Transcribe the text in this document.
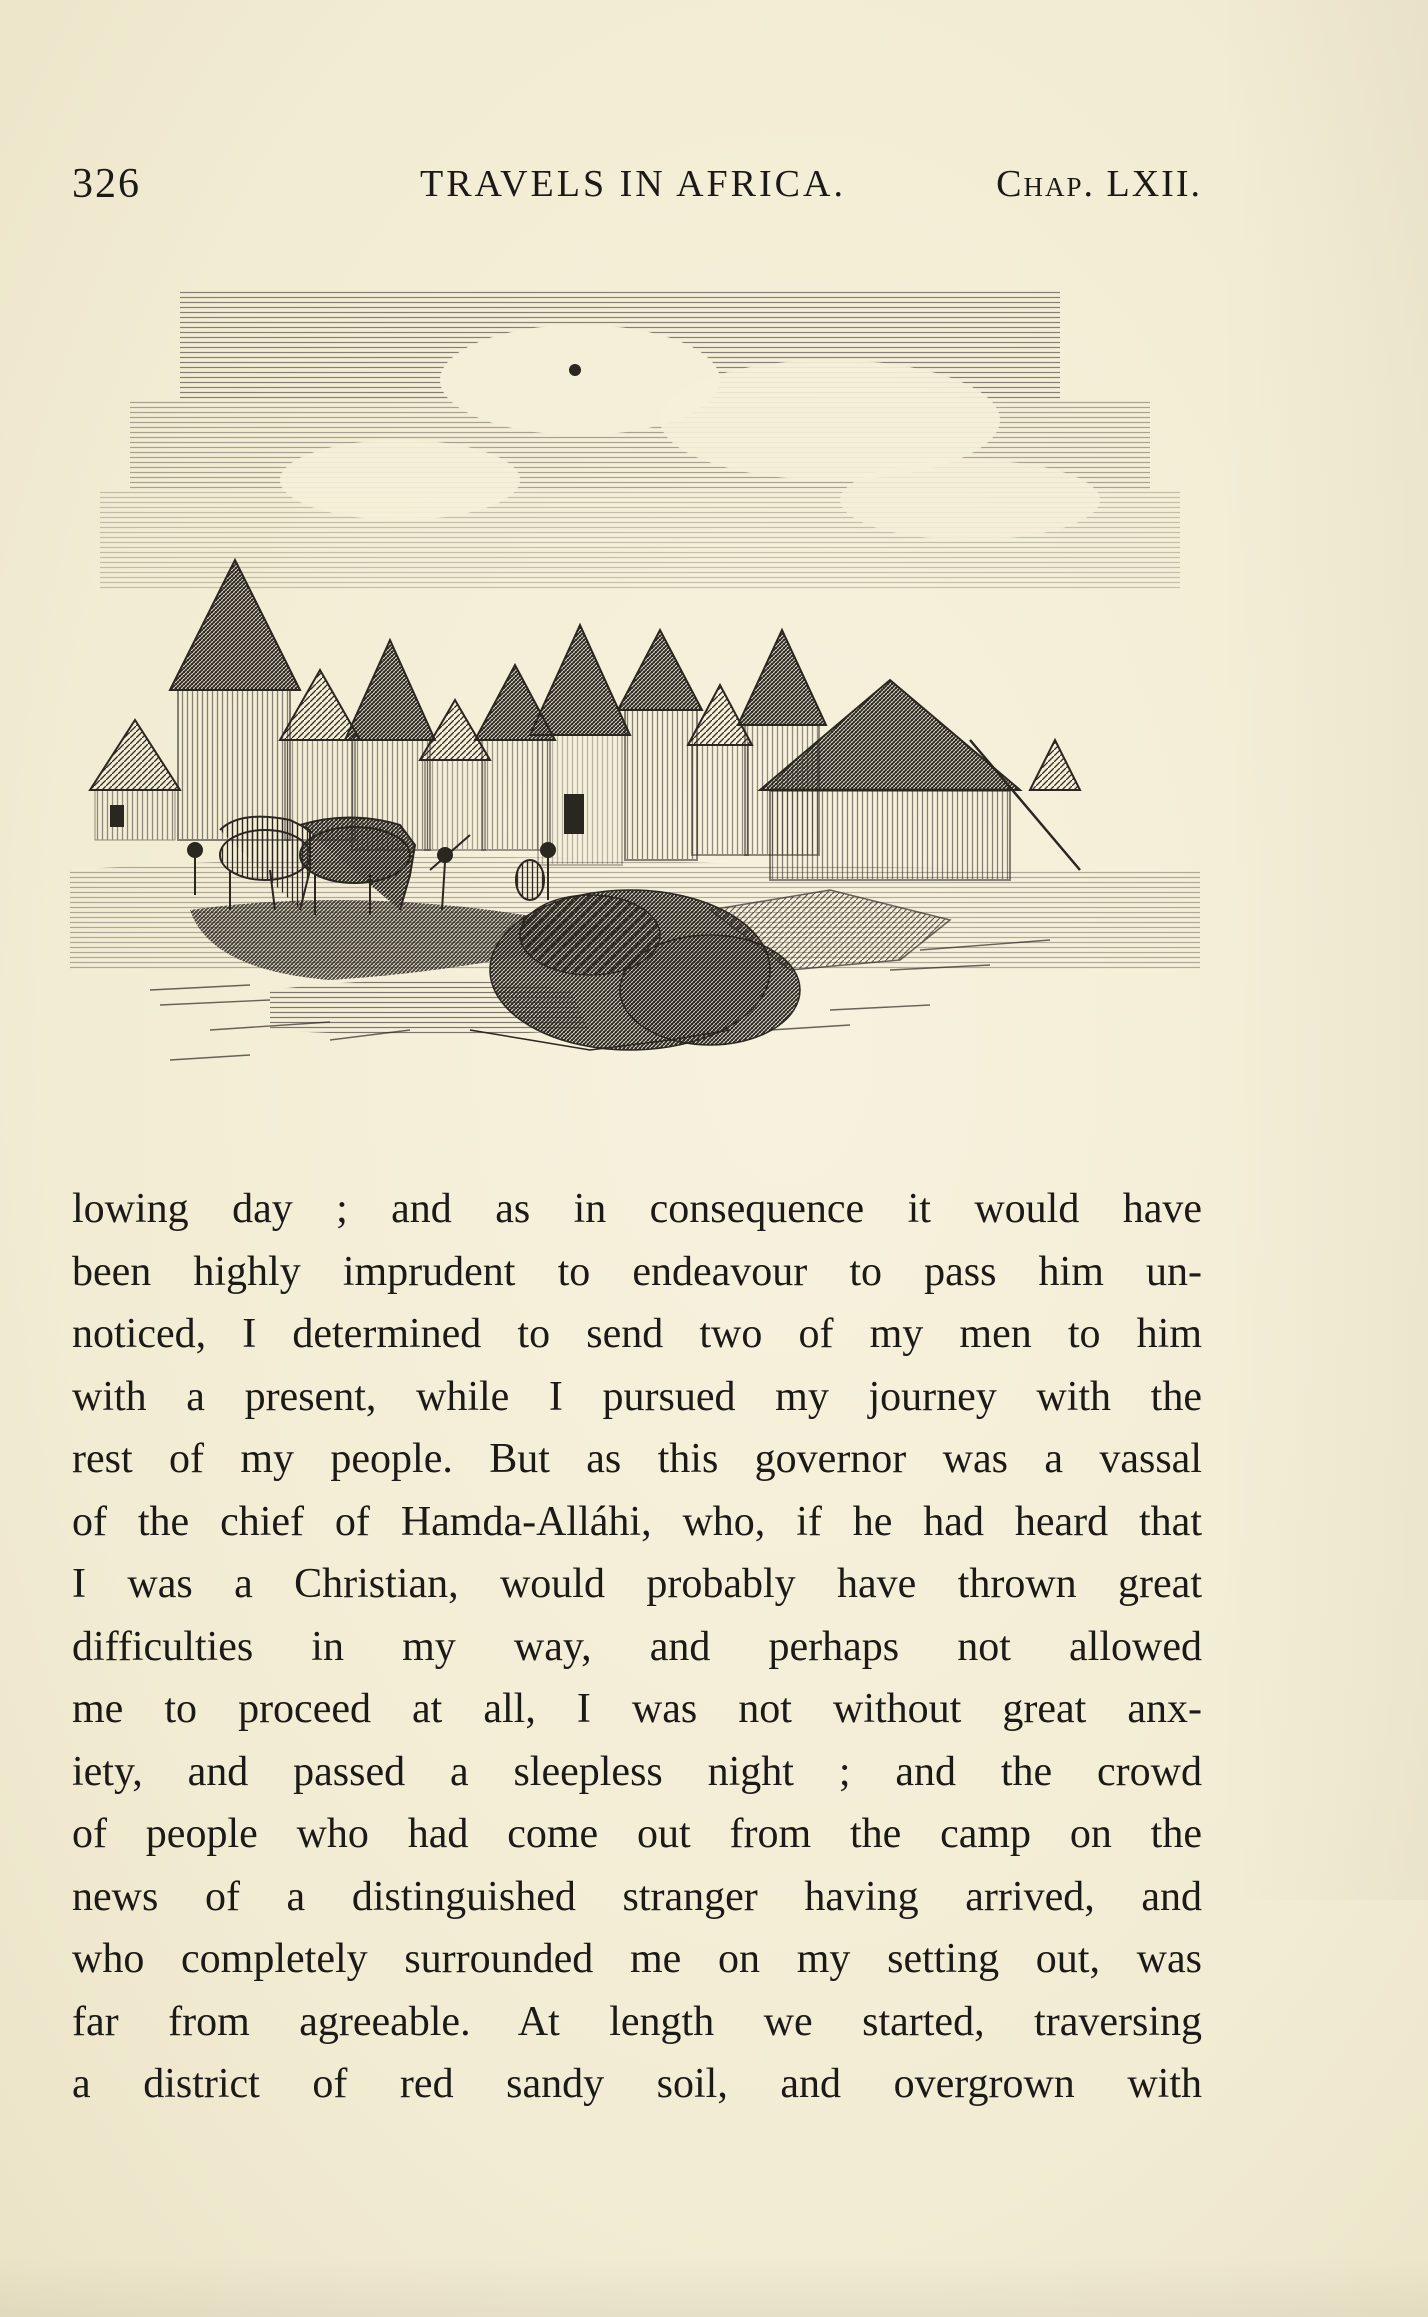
326	TRAVELS IN AFRICA.	Chap. LXII.
lowing day ; and as in consequence it would have
been highly imprudent to endeavour to pass him un-
noticed, I determined to send two of my men to him
with a present, while I pursued my journey with the
rest of my people. But as this governor was a vassal
of the chief of Hamda-Alláhi, who, if he had heard that
I was a Christian, would probably have thrown great
difficulties in my way, and perhaps not allowed
me to proceed at all, I was not without great anx-
iety, and passed a sleepless night ; and the crowd
of people who had come out from the camp on the
news of a distinguished stranger having arrived, and
who completely surrounded me on my setting out, was
far from agreeable. At length we started, traversing
a district of red sandy soil, and overgrown with
